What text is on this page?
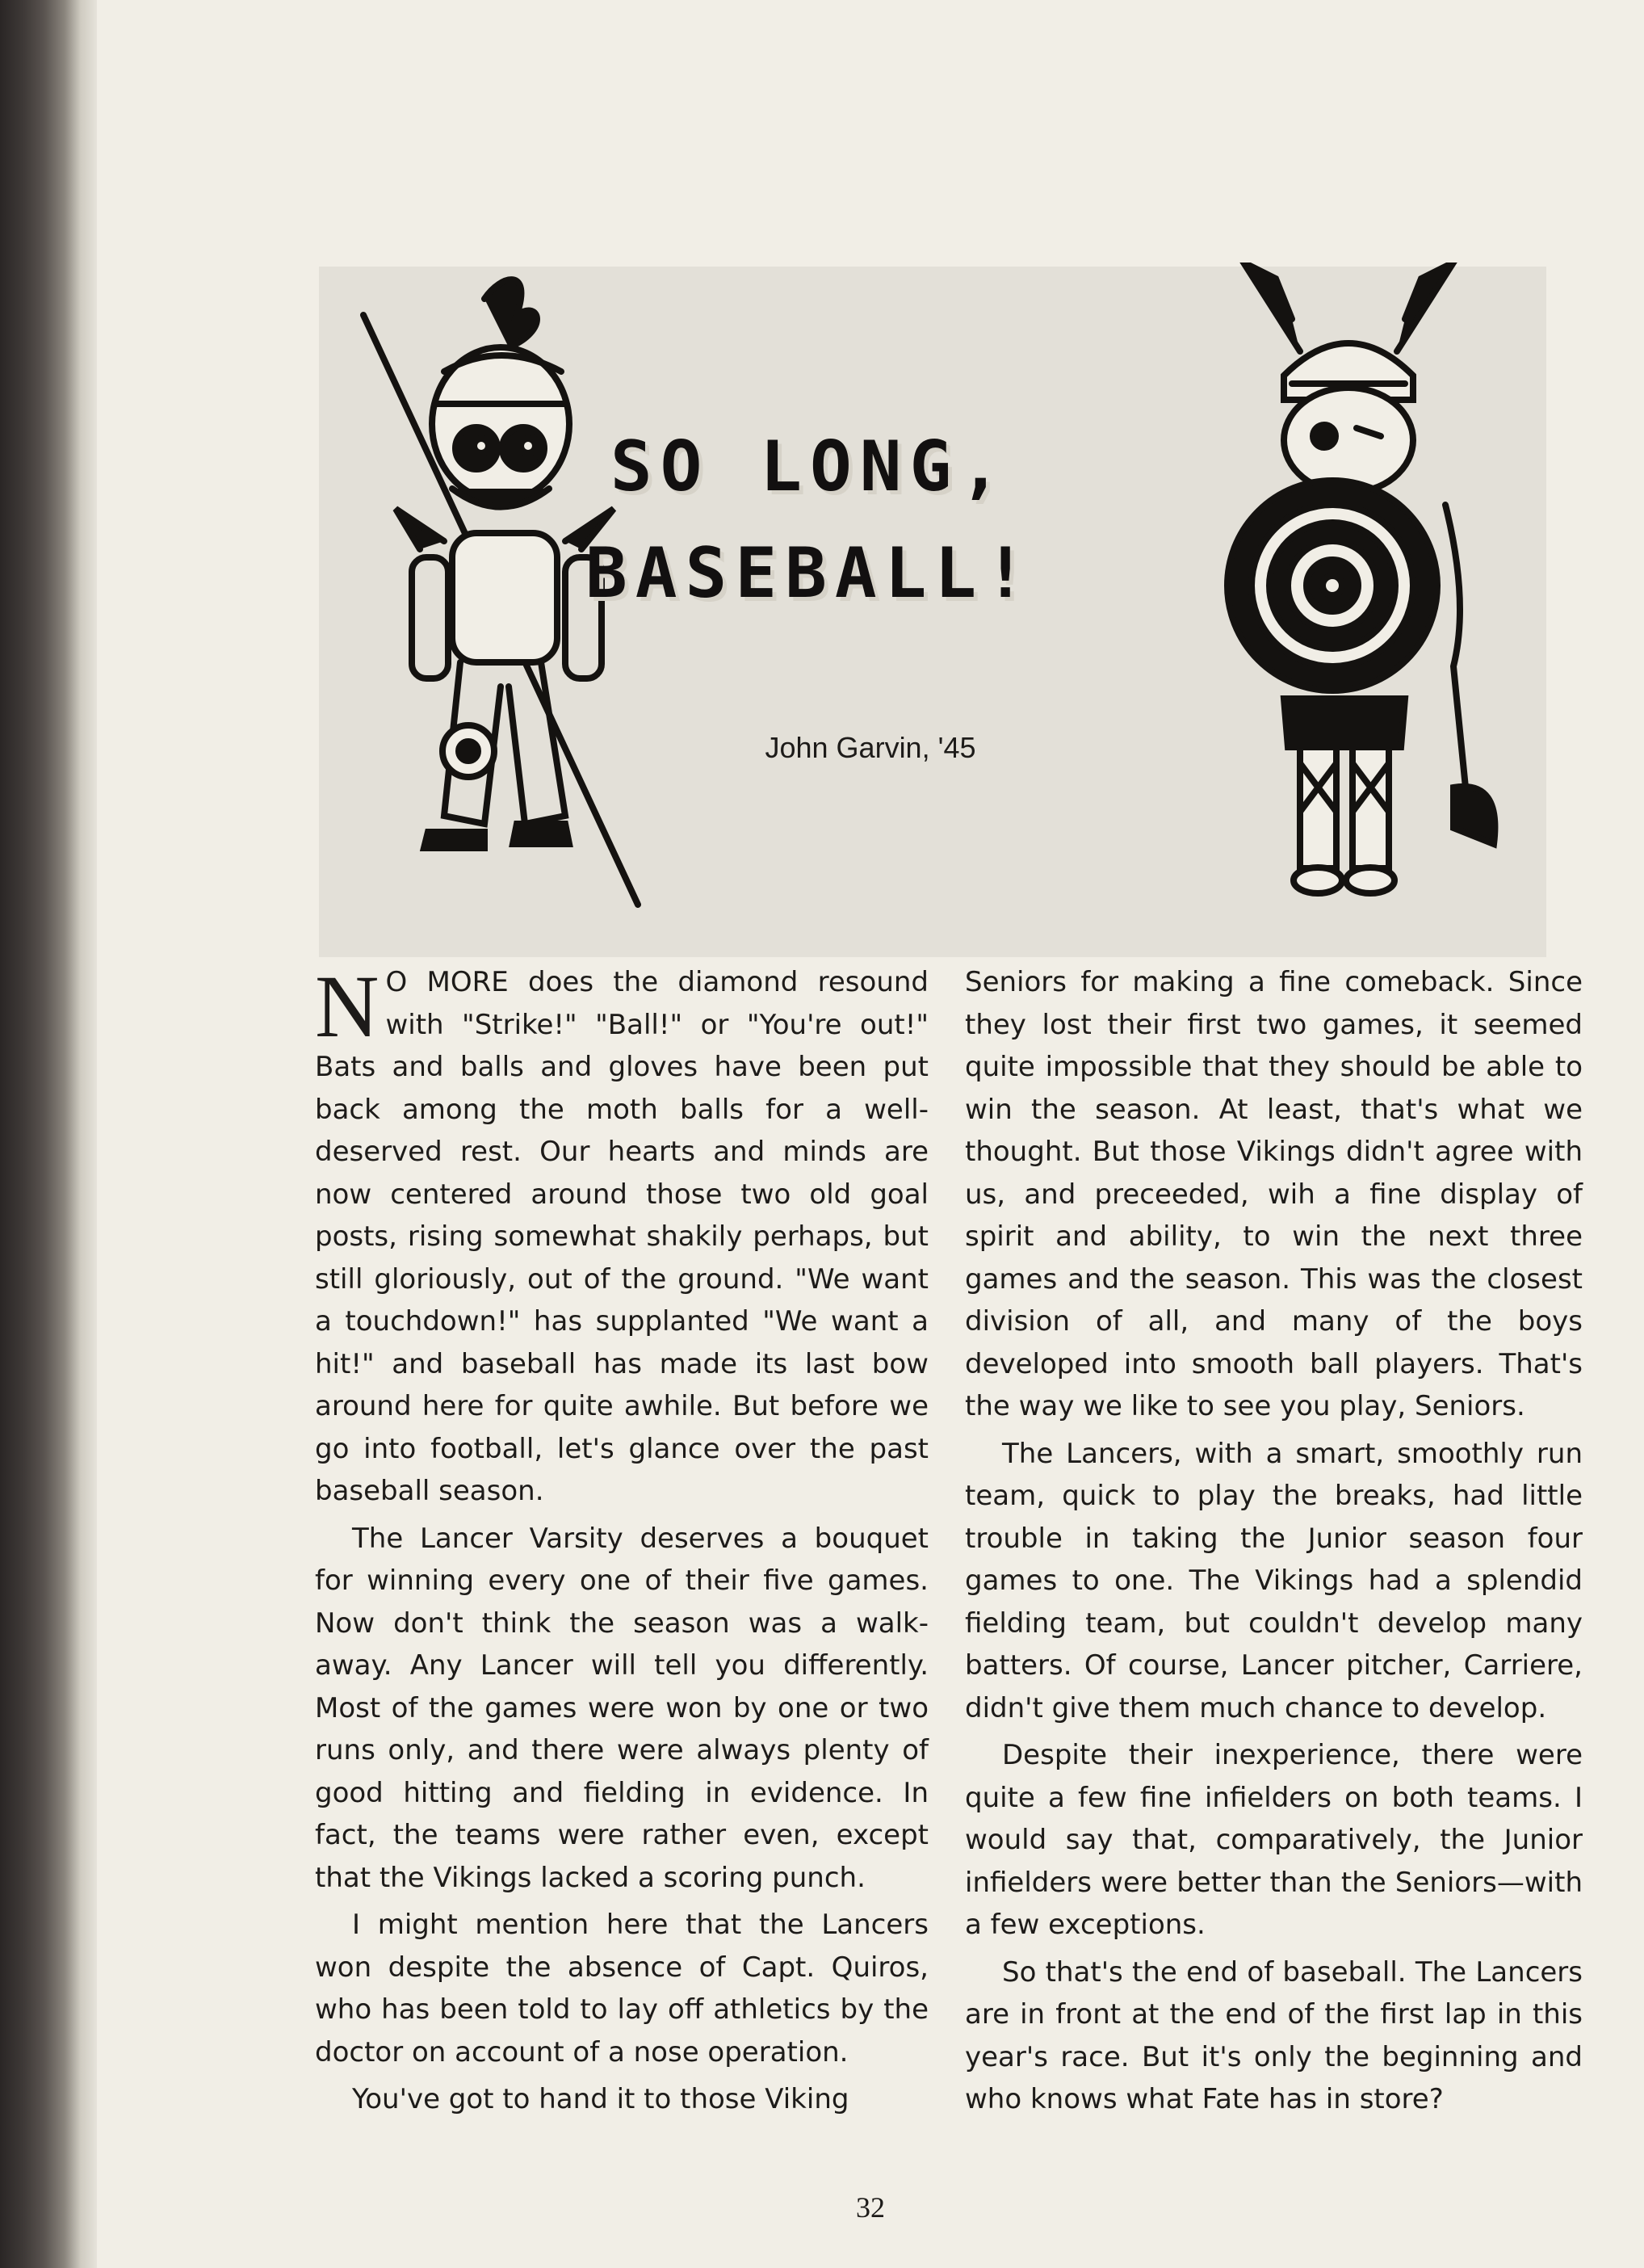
SO LONG,
BASEBALL!
John Garvin, '45

N O MORE does the diamond resound with "Strike!" "Ball!" or "You're out!" Bats and balls and gloves have been put back among the moth balls for a well-deserved rest. Our hearts and minds are now centered around those two old goal posts, rising somewhat shakily perhaps, but still gloriously, out of the ground. "We want a touchdown!" has supplanted "We want a hit!" and baseball has made its last bow around here for quite awhile. But before we go into football, let's glance over the past baseball season.

The Lancer Varsity deserves a bouquet for winning every one of their five games. Now don't think the season was a walk-away. Any Lancer will tell you differently. Most of the games were won by one or two runs only, and there were always plenty of good hitting and fielding in evidence. In fact, the teams were rather even, except that the Vikings lacked a scoring punch.

I might mention here that the Lancers won despite the absence of Capt. Quiros, who has been told to lay off athletics by the doctor on account of a nose operation.

You've got to hand it to those Viking

Seniors for making a fine comeback. Since they lost their first two games, it seemed quite impossible that they should be able to win the season. At least, that's what we thought. But those Vikings didn't agree with us, and preceeded, wih a fine display of spirit and ability, to win the next three games and the season. This was the closest division of all, and many of the boys developed into smooth ball players. That's the way we like to see you play, Seniors.

The Lancers, with a smart, smoothly run team, quick to play the breaks, had little trouble in taking the Junior season four games to one. The Vikings had a splendid fielding team, but couldn't develop many batters. Of course, Lancer pitcher, Carriere, didn't give them much chance to develop.

Despite their inexperience, there were quite a few fine infielders on both teams. I would say that, comparatively, the Junior infielders were better than the Seniors—with a few exceptions.

So that's the end of baseball. The Lancers are in front at the end of the first lap in this year's race. But it's only the beginning and who knows what Fate has in store?

32
